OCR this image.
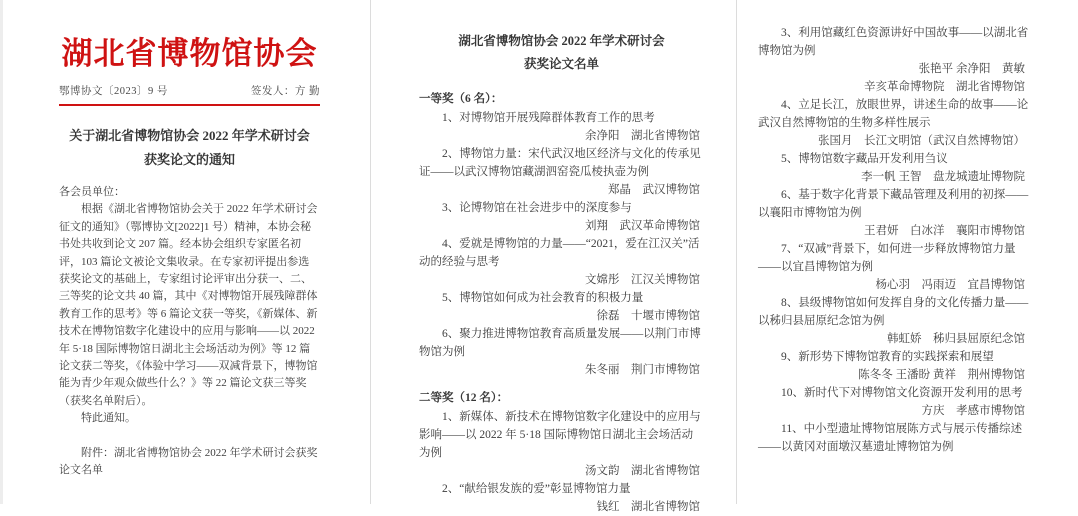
湖北省博物馆协会
鄂博协文〔2023〕9 号	签发人：方 勤
关于湖北省博物馆协会 2022 年学术研讨会
获奖论文的通知

各会员单位：

根据《湖北省博物馆协会关于 2022 年学术研讨会征文的通知》（鄂博协文[2022]1 号）精神，本协会秘书处共收到论文 207 篇。经本协会组织专家匿名初评，103 篇论文被论文集收录。在专家初评提出参选获奖论文的基础上，专家组讨论评审出分获一、二、三等奖的论文共 40 篇，其中《对博物馆开展残障群体教育工作的思考》等 6 篇论文获一等奖，《新媒体、新技术在博物馆数字化建设中的应用与影响——以 2022 年 5·18 国际博物馆日湖北主会场活动为例》等 12 篇论文获二等奖，《体验中学习——双减背景下，博物馆能为青少年观众做些什么？》等 22 篇论文获三等奖（获奖名单附后）。

特此通知。

附件：湖北省博物馆协会 2022 年学术研讨会获奖论文名单

湖北省博物馆协会 2022 年学术研讨会
获奖论文名单
一等奖（6 名）：

1、对博物馆开展残障群体教育工作的思考

余净阳　湖北省博物馆

2、博物馆力量：宋代武汉地区经济与文化的传承见证——以武汉博物馆藏湖泗窑瓷瓜棱执壶为例

郑晶　武汉博物馆

3、论博物馆在社会进步中的深度参与

刘翔　武汉革命博物馆

4、爱就是博物馆的力量——“2021，爱在江汉关”活动的经验与思考

文嫦彤　江汉关博物馆

5、博物馆如何成为社会教育的积极力量

徐磊　十堰市博物馆

6、聚力推进博物馆教育高质量发展——以荆门市博物馆为例

朱冬丽　荆门市博物馆

二等奖（12 名）：

1、新媒体、新技术在博物馆数字化建设中的应用与影响——以 2022 年 5·18 国际博物馆日湖北主会场活动为例

汤文韵　湖北省博物馆

2、“献给银发族的爱”彰显博物馆力量

钱红　湖北省博物馆

3、利用馆藏红色资源讲好中国故事——以湖北省博物馆为例

张艳平 余净阳　黄敏

辛亥革命博物院　湖北省博物馆

4、立足长江，放眼世界，讲述生命的故事——论武汉自然博物馆的生物多样性展示

张国月　长江文明馆（武汉自然博物馆）

5、博物馆数字藏品开发利用刍议

李一帆 王智　盘龙城遗址博物院

6、基于数字化背景下藏品管理及利用的初探——以襄阳市博物馆为例

王君妍　白冰洋　襄阳市博物馆

7、“双减”背景下，如何进一步释放博物馆力量——以宜昌博物馆为例

杨心羽　冯雨迈　宜昌博物馆

8、县级博物馆如何发挥自身的文化传播力量——以秭归县屈原纪念馆为例

韩虹娇　秭归县屈原纪念馆

9、新形势下博物馆教育的实践探索和展望

陈冬冬 王潘盼 黄祥　荆州博物馆

10、新时代下对博物馆文化资源开发利用的思考

方庆　孝感市博物馆

11、中小型遗址博物馆展陈方式与展示传播综述——以黄冈对面墩汉墓遗址博物馆为例
